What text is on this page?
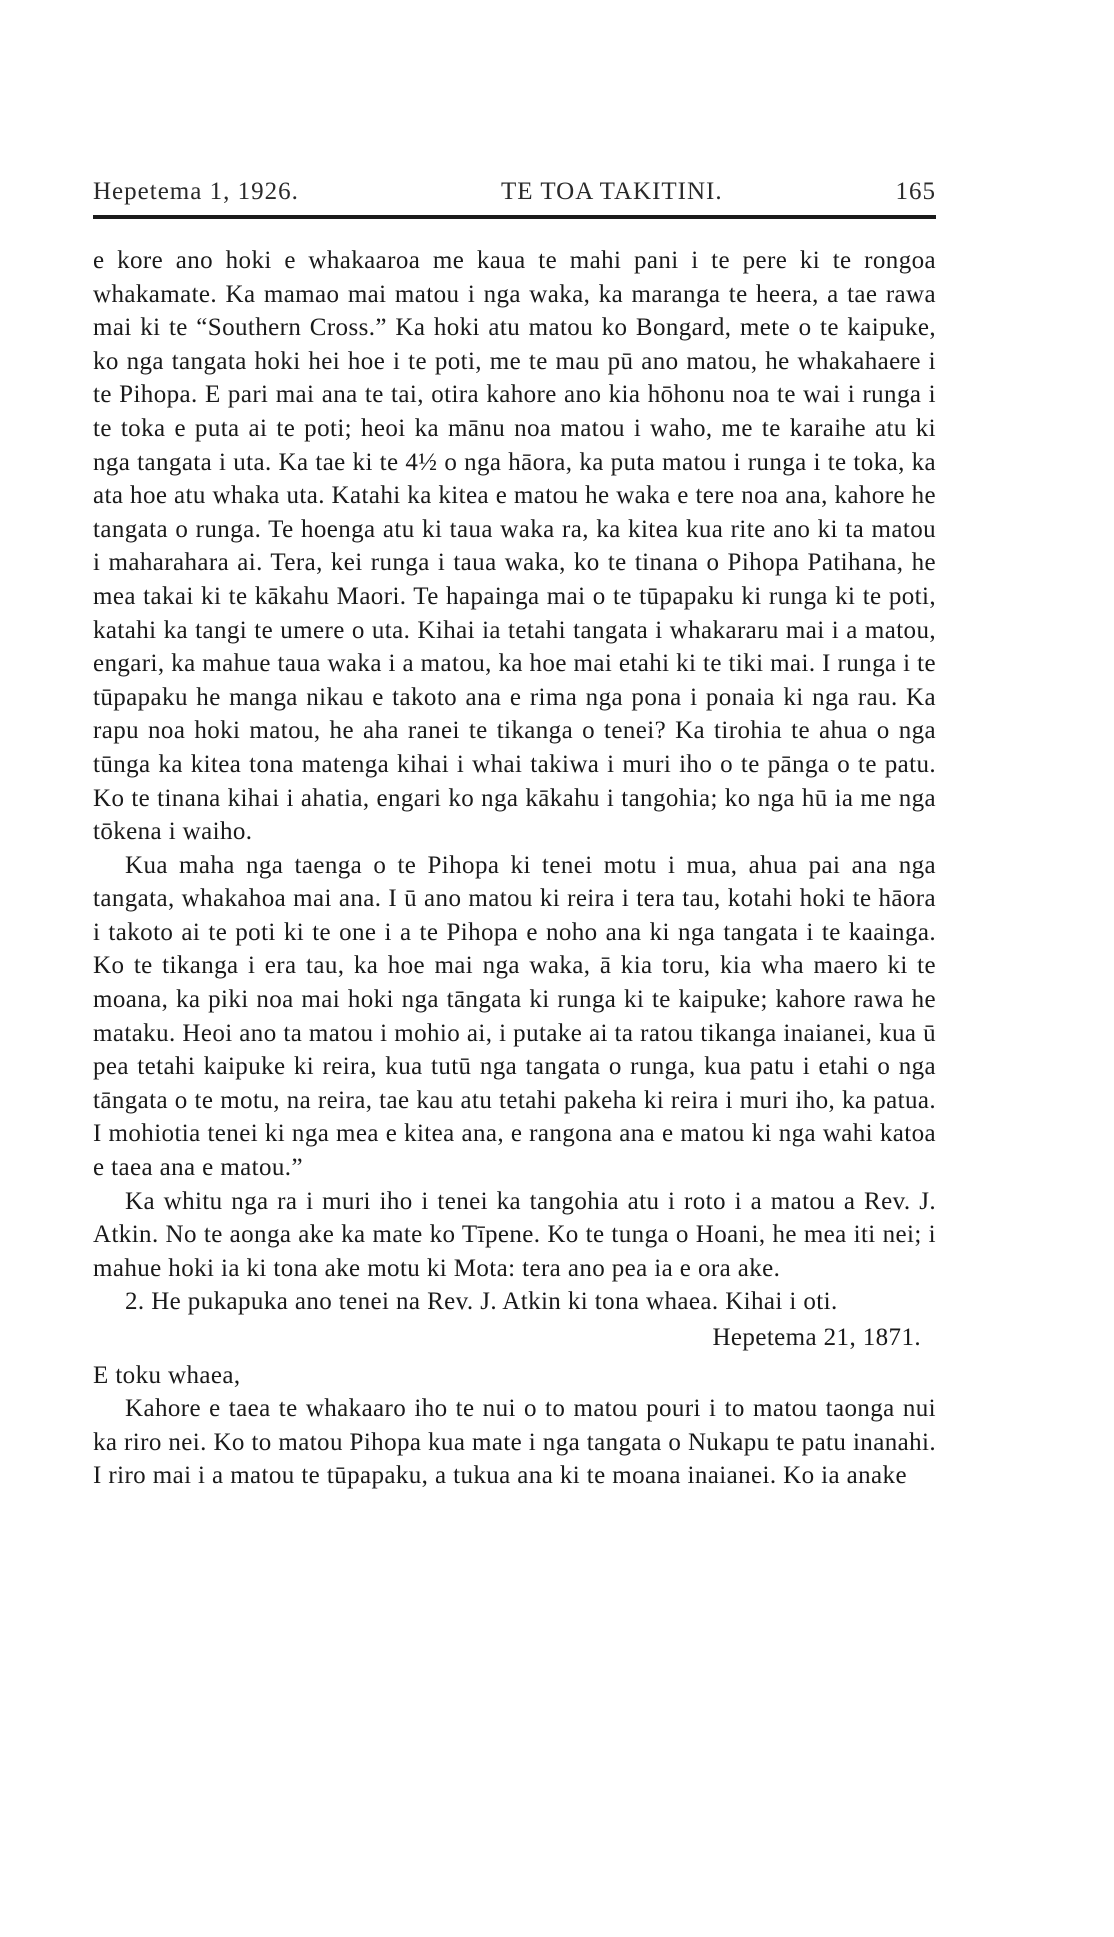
Hepetema 1, 1926.	TE TOA TAKITINI.	165

e kore ano hoki e whakaaroa me kaua te mahi pani i te pere ki te rongoa whakamate. Ka mamao mai matou i nga waka, ka maranga te heera, a tae rawa mai ki te “Southern Cross.” Ka hoki atu matou ko Bongard, mete o te kaipuke, ko nga tangata hoki hei hoe i te poti, me te mau pū ano matou, he whakahaere i te Pihopa. E pari mai ana te tai, otira kahore ano kia hōhonu noa te wai i runga i te toka e puta ai te poti; heoi ka mānu noa matou i waho, me te karaihe atu ki nga tangata i uta. Ka tae ki te 4½ o nga hāora, ka puta matou i runga i te toka, ka ata hoe atu whaka uta. Katahi ka kitea e matou he waka e tere noa ana, kahore he tangata o runga. Te hoenga atu ki taua waka ra, ka kitea kua rite ano ki ta matou i maharahara ai. Tera, kei runga i taua waka, ko te tinana o Pihopa Patihana, he mea takai ki te kākahu Maori. Te hapainga mai o te tūpapaku ki runga ki te poti, katahi ka tangi te umere o uta. Kihai ia tetahi tangata i whakararu mai i a matou, engari, ka mahue taua waka i a matou, ka hoe mai etahi ki te tiki mai. I runga i te tūpapaku he manga nikau e takoto ana e rima nga pona i ponaia ki nga rau. Ka rapu noa hoki matou, he aha ranei te tikanga o tenei? Ka tirohia te ahua o nga tūnga ka kitea tona matenga kihai i whai takiwa i muri iho o te pānga o te patu. Ko te tinana kihai i ahatia, engari ko nga kākahu i tangohia; ko nga hū ia me nga tōkena i waiho.

Kua maha nga taenga o te Pihopa ki tenei motu i mua, ahua pai ana nga tangata, whakahoa mai ana. I ū ano matou ki reira i tera tau, kotahi hoki te hāora i takoto ai te poti ki te one i a te Pihopa e noho ana ki nga tangata i te kaainga. Ko te tikanga i era tau, ka hoe mai nga waka, ā kia toru, kia wha maero ki te moana, ka piki noa mai hoki nga tāngata ki runga ki te kaipuke; kahore rawa he mataku. Heoi ano ta matou i mohio ai, i putake ai ta ratou tikanga inaianei, kua ū pea tetahi kaipuke ki reira, kua tutū nga tangata o runga, kua patu i etahi o nga tāngata o te motu, na reira, tae kau atu tetahi pakeha ki reira i muri iho, ka patua. I mohiotia tenei ki nga mea e kitea ana, e rangona ana e matou ki nga wahi katoa e taea ana e matou.”

Ka whitu nga ra i muri iho i tenei ka tangohia atu i roto i a matou a Rev. J. Atkin. No te aonga ake ka mate ko Tīpene. Ko te tunga o Hoani, he mea iti nei; i mahue hoki ia ki tona ake motu ki Mota: tera ano pea ia e ora ake.

2. He pukapuka ano tenei na Rev. J. Atkin ki tona whaea. Kihai i oti.

Hepetema 21, 1871.

E toku whaea,

Kahore e taea te whakaaro iho te nui o to matou pouri i to matou taonga nui ka riro nei. Ko to matou Pihopa kua mate i nga tangata o Nukapu te patu inanahi. I riro mai i a matou te tūpapaku, a tukua ana ki te moana inaianei. Ko ia anake
